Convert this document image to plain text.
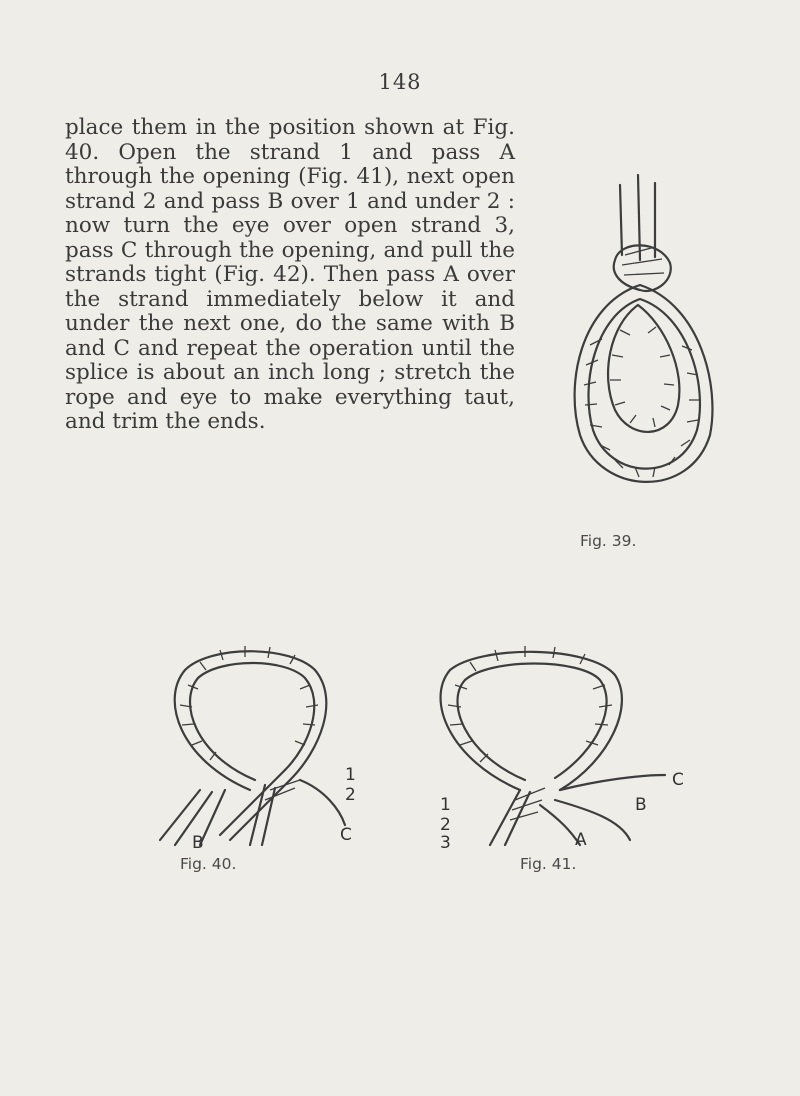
148

place them in the position shown at Fig. 40. Open the strand 1 and pass A through the opening (Fig. 41), next open strand 2 and pass B over 1 and under 2 : now turn the eye over open strand 3, pass C through the opening, and pull the strands tight (Fig. 42). Then pass A over the strand immediately below it and under the next one, do the same with B and C and repeat the operation until the splice is about an inch long ; stretch the rope and eye to make everything taut, and trim the ends.

Fig. 39.
1
2
C
B
Fig. 40.
1
2
3
C
B
A
Fig. 41.
